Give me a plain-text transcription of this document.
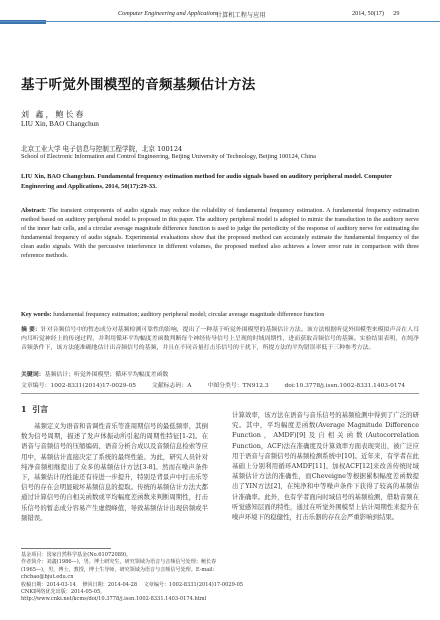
Computer Engineering and Applications
计算机工程与应用	2014, 50(17)      29
基于听觉外围模型的音频基频估计方法
刘 鑫，鲍长春
LIU Xin, BAO Changchun
北京工业大学 电子信息与控制工程学院，北京 100124
School of Electronic Information and Control Engineering, Beijing University of Technology, Beijing 100124, China
LIU Xin, BAO Changchun. Fundamental frequency estimation method for audio signals based on auditory peripheral model. Computer Engineering and Applications, 2014, 50(17):29-33.
Abstract: The transient components of audio signals may reduce the reliability of fundamental frequency estimation. A fundamental frequency estimation method based on auditory peripheral model is proposed in this paper. The auditory peripheral model is adopted to mimic the transduction in the auditory nerve of the inner hair cells, and a circular average magnitude difference function is used to judge the periodicity of the response of auditory nerve for estimating the fundamental frequency of audio signals. Experimental evaluations show that the proposed method can accurately estimate the fundamental frequency of the clean audio signals. With the percussive interference in different volumes, the proposed method also achieves a lower error rate in comparison with three reference methods.
Key words: fundamental frequency estimation; auditory peripheral model; circular average magnitude difference function
摘 要：针对音频信号中的暂态成分对基频检测可靠性的影响，提出了一种基于听觉外围模型的基频估计方法。该方法根据听觉外围模型来模拟声音在人耳内耳听觉神经上的传递过程，并利用循环平均幅度差函数判断每个神经传导信号上呈现的时域周期性，进而获取音频信号的基频。实验结果表明，在纯净音频条件下，该方法能准确地估计出音频信号的基频，并且在不同音量打击乐信号的干扰下，所提方法的平均错误率低于三种参考方法。
关键词：基频估计；听觉外围模型；循环平均幅度差函数
文章编号：1002-8331(2014)17-0029-05	文献标志码：A	中图分类号：TN912.3	doi:10.3778/j.issn.1002-8331.1403-0174
1  引言
基频定义为语音和音调性音乐等准周期信号的最低频率，其倒数为信号周期，描述了发声体振动所引起的周期性特征[1-2]。在语音与音频信号的压缩编码、语音分析合成以及音频信息检索等应用中，基频估计直接决定了系统的最终性能。为此，研究人员针对纯净音频相继提出了众多的基频估计方法[3-8]。然而在噪声条件下，基频估计的性能还有待进一步提升，特别是背景声中打击乐等信号的存在会明显破坏基频信息的提取。传统的基频估计方法大都通过计算信号的自相关函数或平均幅度差函数来判断周期性，打击乐信号的暂态成分容易产生虚假峰值，导致基频估计出现倍频或半频错误。
计算效率，该方法在语音与音乐信号的基频检测中得到了广泛的研究。其中，平均幅度差函数(Average Magnitude Difference Function，AMDF)[9]及自相关函数(Autocorrelation Function，ACF)法在准确度及计算效率方面表现突出，被广泛应用于语音与音频信号的基频检测系统中[10]。近年来，有学者在此基础上分别利用循环AMDF[11]、加权ACF[12]来改善传统时域基频估计方法的准确性，而Cheveigne等根据累积幅度差函数提出了YIN方法[2]，在纯净和中等噪声条件下获得了较高的基频估计准确率。此外，也有学者面向时域信号的基频检测，借助音频在听觉感知层面的特性，通过在听觉外围模型上估计周期性来提升在噪声环境下的稳健性，打击乐器的存在会严重影响到结果。
基金项目：国家自然科学基金(No.61072089)。
作者简介：刘鑫(1986—)，男，博士研究生，研究领域为语音与音频信号处理；鲍长春(1965—)，男，博士，教授，博士生导师，研究领域为语音与音频信号处理。E-mail: chcbao@bjut.edu.cn
收稿日期：2014-03-14    修回日期：2014-04-28    文章编号：1002-8331(2014)17-0029-05
CNKI网络优先出版：2014-05-05, http://www.cnki.net/kcms/doi/10.3778/j.issn.1002-8331.1403-0174.html
